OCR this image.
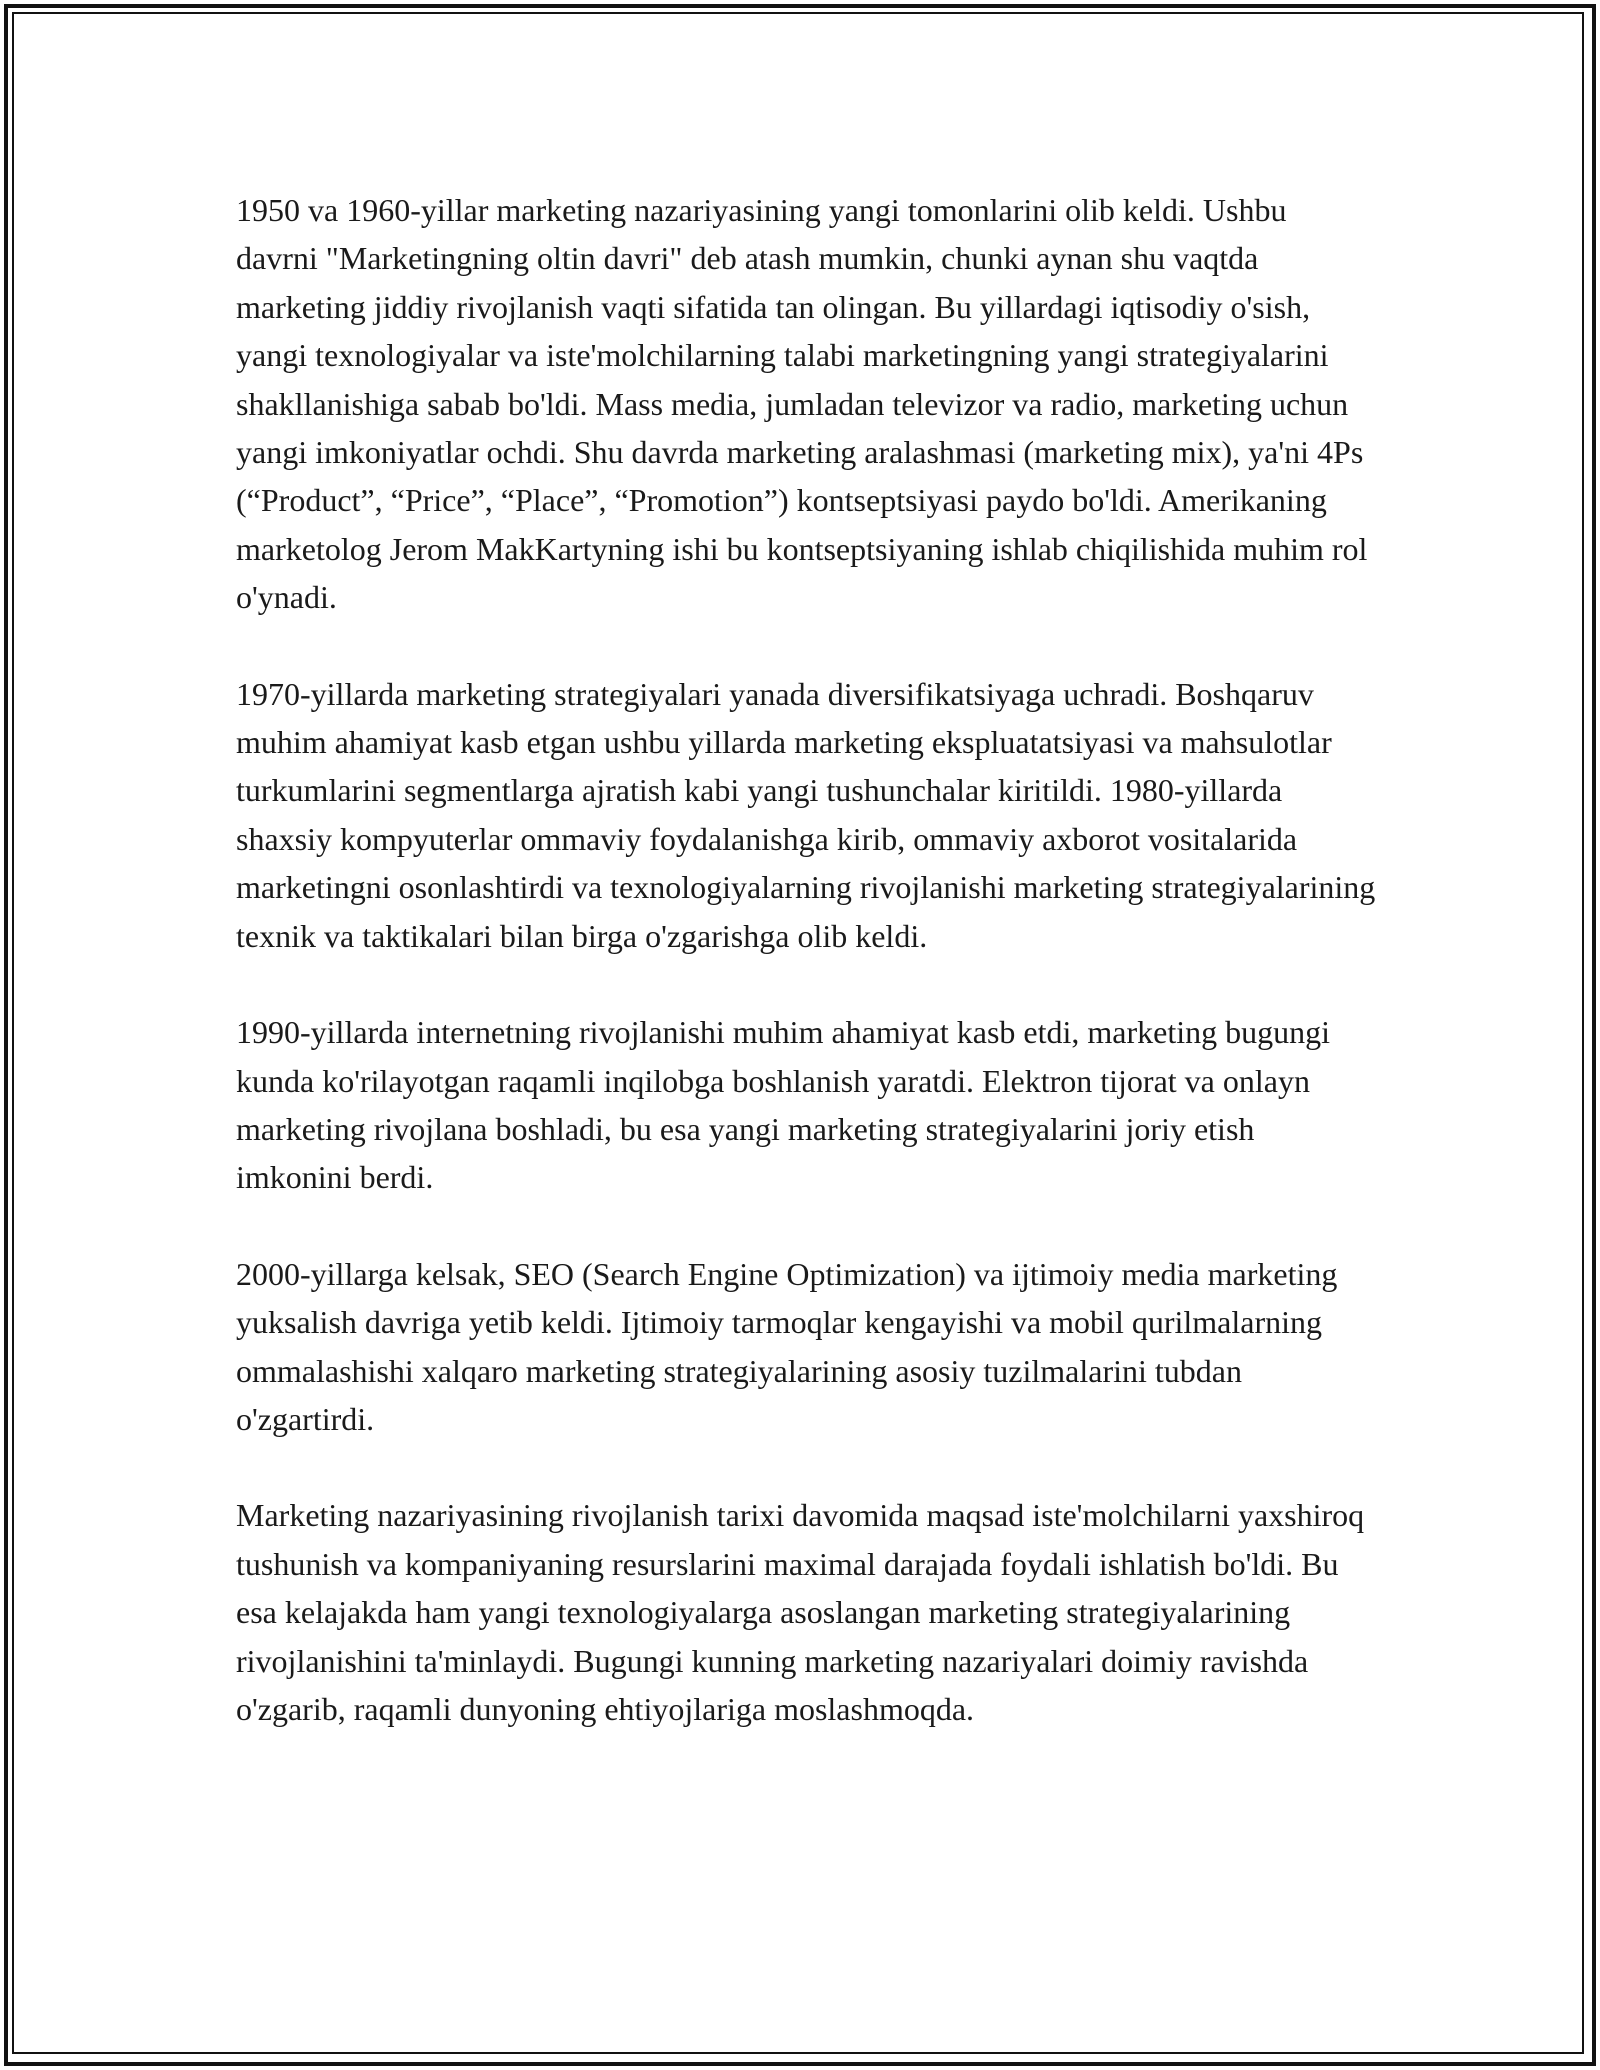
1950 va 1960-yillar marketing nazariyasining yangi tomonlarini olib keldi. Ushbu davrni "Marketingning oltin davri" deb atash mumkin, chunki aynan shu vaqtda marketing jiddiy rivojlanish vaqti sifatida tan olingan. Bu yillardagi iqtisodiy o'sish, yangi texnologiyalar va iste'molchilarning talabi marketingning yangi strategiyalarini shakllanishiga sabab bo'ldi. Mass media, jumladan televizor va radio, marketing uchun yangi imkoniyatlar ochdi. Shu davrda marketing aralashmasi (marketing mix), ya'ni 4Ps (“Product”, “Price”, “Place”, “Promotion”) kontseptsiyasi paydo bo'ldi. Amerikaning marketolog Jerom MakKartyning ishi bu kontseptsiyaning ishlab chiqilishida muhim rol o'ynadi.

1970-yillarda marketing strategiyalari yanada diversifikatsiyaga uchradi. Boshqaruv muhim ahamiyat kasb etgan ushbu yillarda marketing ekspluatatsiyasi va mahsulotlar turkumlarini segmentlarga ajratish kabi yangi tushunchalar kiritildi. 1980-yillarda shaxsiy kompyuterlar ommaviy foydalanishga kirib, ommaviy axborot vositalarida marketingni osonlashtirdi va texnologiyalarning rivojlanishi marketing strategiyalarining texnik va taktikalari bilan birga o'zgarishga olib keldi.

1990-yillarda internetning rivojlanishi muhim ahamiyat kasb etdi, marketing bugungi kunda ko'rilayotgan raqamli inqilobga boshlanish yaratdi. Elektron tijorat va onlayn marketing rivojlana boshladi, bu esa yangi marketing strategiyalarini joriy etish imkonini berdi.

2000-yillarga kelsak, SEO (Search Engine Optimization) va ijtimoiy media marketing yuksalish davriga yetib keldi. Ijtimoiy tarmoqlar kengayishi va mobil qurilmalarning ommalashishi xalqaro marketing strategiyalarining asosiy tuzilmalarini tubdan o'zgartirdi.

Marketing nazariyasining rivojlanish tarixi davomida maqsad iste'molchilarni yaxshiroq tushunish va kompaniyaning resurslarini maximal darajada foydali ishlatish bo'ldi. Bu esa kelajakda ham yangi texnologiyalarga asoslangan marketing strategiyalarining rivojlanishini ta'minlaydi. Bugungi kunning marketing nazariyalari doimiy ravishda o'zgarib, raqamli dunyoning ehtiyojlariga moslashmoqda.
